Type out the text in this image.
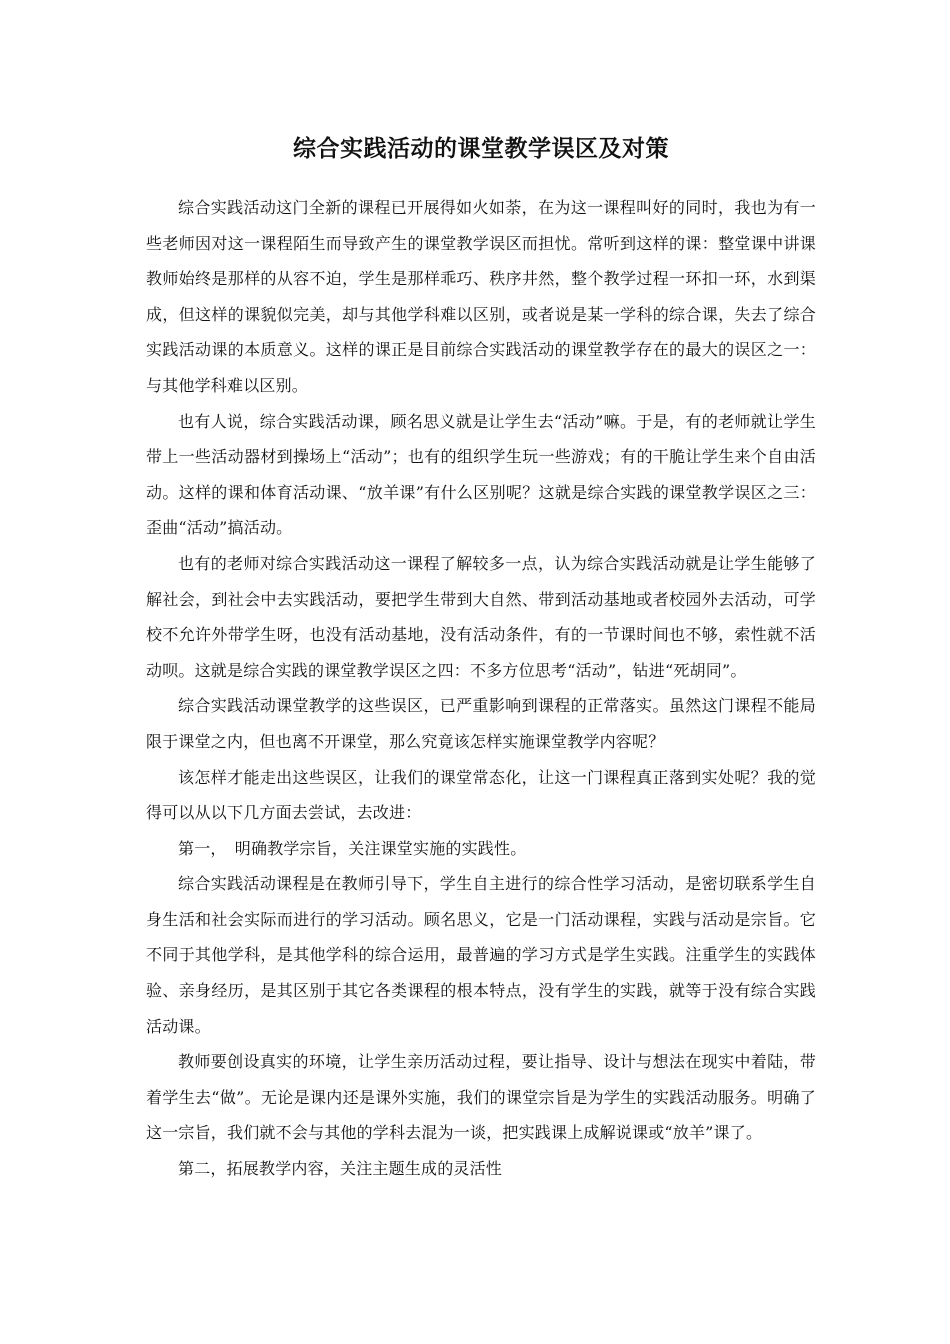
综合实践活动的课堂教学误区及对策

综合实践活动这门全新的课程已开展得如火如荼，在为这一课程叫好的同时，我也为有一些老师因对这一课程陌生而导致产生的课堂教学误区而担忧。常听到这样的课：整堂课中讲课教师始终是那样的从容不迫，学生是那样乖巧、秩序井然，整个教学过程一环扣一环，水到渠成，但这样的课貌似完美，却与其他学科难以区别，或者说是某一学科的综合课，失去了综合实践活动课的本质意义。这样的课正是目前综合实践活动的课堂教学存在的最大的误区之一：与其他学科难以区别。

也有人说，综合实践活动课，顾名思义就是让学生去“活动”嘛。于是，有的老师就让学生带上一些活动器材到操场上“活动”；也有的组织学生玩一些游戏；有的干脆让学生来个自由活动。这样的课和体育活动课、“放羊课”有什么区别呢？这就是综合实践的课堂教学误区之三：歪曲“活动”搞活动。

也有的老师对综合实践活动这一课程了解较多一点，认为综合实践活动就是让学生能够了解社会，到社会中去实践活动，要把学生带到大自然、带到活动基地或者校园外去活动，可学校不允许外带学生呀，也没有活动基地，没有活动条件，有的一节课时间也不够，索性就不活动呗。这就是综合实践的课堂教学误区之四：不多方位思考“活动”，钻进“死胡同”。

综合实践活动课堂教学的这些误区，已严重影响到课程的正常落实。虽然这门课程不能局限于课堂之内，但也离不开课堂，那么究竟该怎样实施课堂教学内容呢？

该怎样才能走出这些误区，让我们的课堂常态化，让这一门课程真正落到实处呢？我的觉得可以从以下几方面去尝试，去改进：

第一，　明确教学宗旨，关注课堂实施的实践性。

综合实践活动课程是在教师引导下，学生自主进行的综合性学习活动，是密切联系学生自身生活和社会实际而进行的学习活动。顾名思义，它是一门活动课程，实践与活动是宗旨。它不同于其他学科，是其他学科的综合运用，最普遍的学习方式是学生实践。注重学生的实践体验、亲身经历，是其区别于其它各类课程的根本特点，没有学生的实践，就等于没有综合实践活动课。

教师要创设真实的环境，让学生亲历活动过程，要让指导、设计与想法在现实中着陆，带着学生去“做”。无论是课内还是课外实施，我们的课堂宗旨是为学生的实践活动服务。明确了这一宗旨，我们就不会与其他的学科去混为一谈，把实践课上成解说课或“放羊”课了。

第二，拓展教学内容，关注主题生成的灵活性
